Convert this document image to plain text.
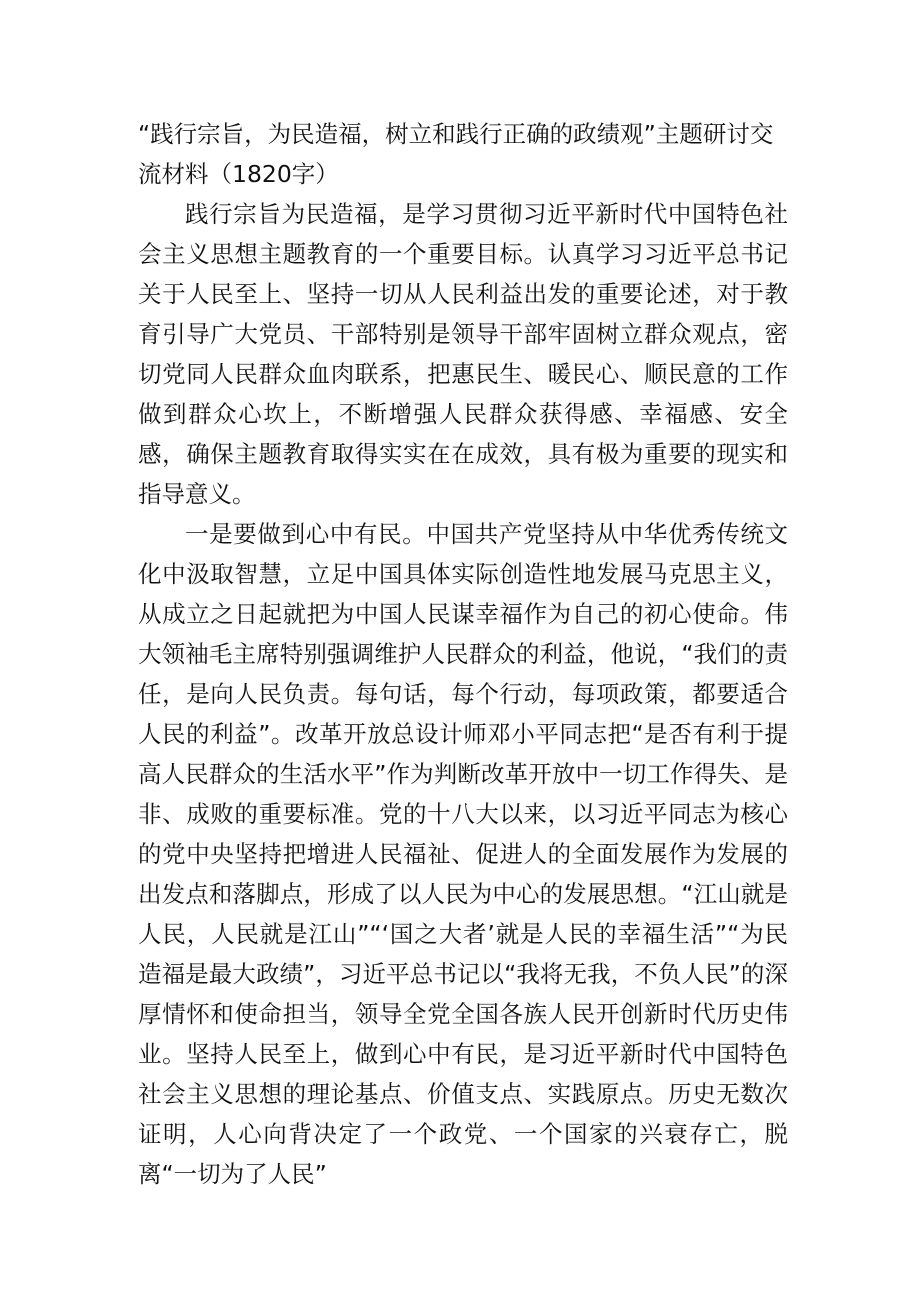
“践行宗旨，为民造福，树立和践行正确的政绩观”主题研讨交流材料（1820字）

践行宗旨为民造福，是学习贯彻习近平新时代中国特色社会主义思想主题教育的一个重要目标。认真学习习近平总书记关于人民至上、坚持一切从人民利益出发的重要论述，对于教育引导广大党员、干部特别是领导干部牢固树立群众观点，密切党同人民群众血肉联系，把惠民生、暖民心、顺民意的工作做到群众心坎上，不断增强人民群众获得感、幸福感、安全感，确保主题教育取得实实在在成效，具有极为重要的现实和指导意义。

一是要做到心中有民。中国共产党坚持从中华优秀传统文化中汲取智慧，立足中国具体实际创造性地发展马克思主义，从成立之日起就把为中国人民谋幸福作为自己的初心使命。伟大领袖毛主席特别强调维护人民群众的利益，他说，“我们的责任，是向人民负责。每句话，每个行动，每项政策，都要适合人民的利益”。改革开放总设计师邓小平同志把“是否有利于提高人民群众的生活水平”作为判断改革开放中一切工作得失、是非、成败的重要标准。党的十八大以来，以习近平同志为核心的党中央坚持把增进人民福祉、促进人的全面发展作为发展的出发点和落脚点，形成了以人民为中心的发展思想。“江山就是人民，人民就是江山”“‘国之大者’就是人民的幸福生活”“为民造福是最大政绩”，习近平总书记以“我将无我，不负人民”的深厚情怀和使命担当，领导全党全国各族人民开创新时代历史伟业。坚持人民至上，做到心中有民，是习近平新时代中国特色社会主义思想的理论基点、价值支点、实践原点。历史无数次证明，人心向背决定了一个政党、一个国家的兴衰存亡，脱离“一切为了人民”
